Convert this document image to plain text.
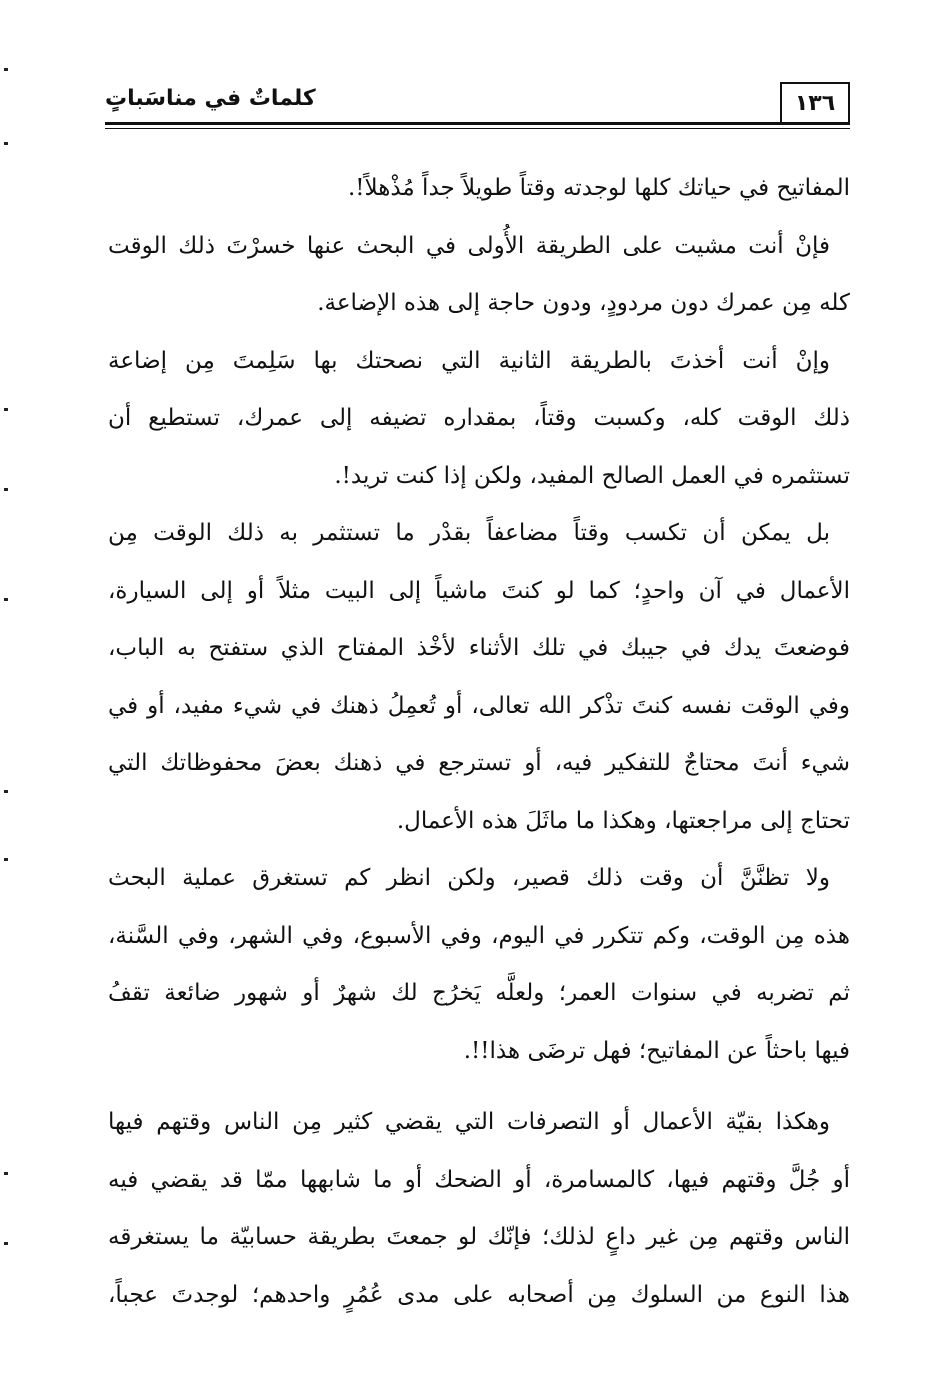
١٣٦
كلماتٌ في مناسَباتٍ
المفاتيح في حياتك كلها لوجدته وقتاً طويلاً جداً مُذْهلاً!.
فإنْ أنت مشيت على الطريقة الأُولى في البحث عنها خسرْتَ ذلك الوقت
كله مِن عمرك دون مردودٍ، ودون حاجة إلى هذه الإضاعة.
وإنْ أنت أخذتَ بالطريقة الثانية التي نصحتك بها سَلِمتَ مِن إضاعة
ذلك الوقت كله، وكسبت وقتاً، بمقداره تضيفه إلى عمرك، تستطيع أن
تستثمره في العمل الصالح المفيد، ولكن إذا كنت تريد!.
بل يمكن أن تكسب وقتاً مضاعفاً بقدْر ما تستثمر به ذلك الوقت مِن
الأعمال في آن واحدٍ؛ كما لو كنتَ ماشياً إلى البيت مثلاً أو إلى السيارة،
فوضعتَ يدك في جيبك في تلك الأثناء لأخْذ المفتاح الذي ستفتح به الباب،
وفي الوقت نفسه كنتَ تذْكر الله تعالى، أو تُعمِلُ ذهنك في شيء مفيد، أو في
شيء أنتَ محتاجٌ للتفكير فيه، أو تسترجع في ذهنك بعضَ محفوظاتك التي
تحتاج إلى مراجعتها، وهكذا ما ماثَلَ هذه الأعمال.
ولا تظنَّنَّ أن وقت ذلك قصير، ولكن انظر كم تستغرق عملية البحث
هذه مِن الوقت، وكم تتكرر في اليوم، وفي الأسبوع، وفي الشهر، وفي السَّنة،
ثم تضربه في سنوات العمر؛ ولعلَّه يَخرُج لك شهرٌ أو شهور ضائعة تقفُ
فيها باحثاً عن المفاتيح؛ فهل ترضَى هذا!!.
وهكذا بقيّة الأعمال أو التصرفات التي يقضي كثير مِن الناس وقتهم فيها
أو جُلَّ وقتهم فيها، كالمسامرة، أو الضحك أو ما شابهها ممّا قد يقضي فيه
الناس وقتهم مِن غير داعٍ لذلك؛ فإنّك لو جمعتَ بطريقة حسابيّة ما يستغرقه
هذا النوع من السلوك مِن أصحابه على مدى عُمُرٍ واحدهم؛ لوجدتَ عجباً،
